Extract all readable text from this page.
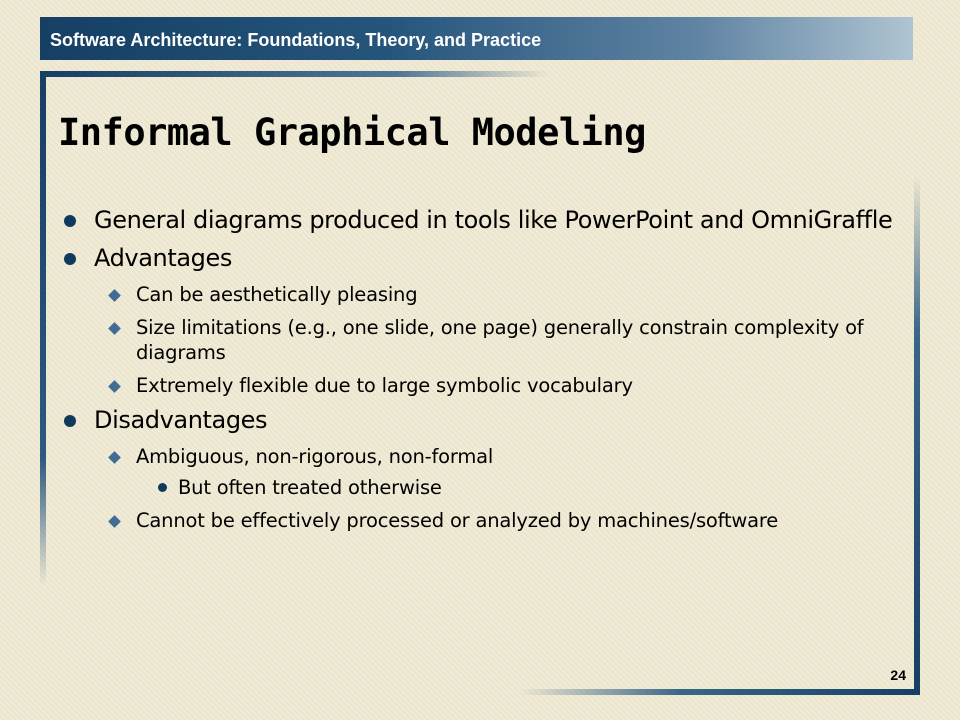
Software Architecture: Foundations, Theory, and Practice
Informal Graphical Modeling
General diagrams produced in tools like PowerPoint and OmniGraffle
Advantages
Can be aesthetically pleasing
Size limitations (e.g., one slide, one page) generally constrain complexity of diagrams
Extremely flexible due to large symbolic vocabulary
Disadvantages
Ambiguous, non-rigorous, non-formal
But often treated otherwise
Cannot be effectively processed or analyzed by machines/software
24
